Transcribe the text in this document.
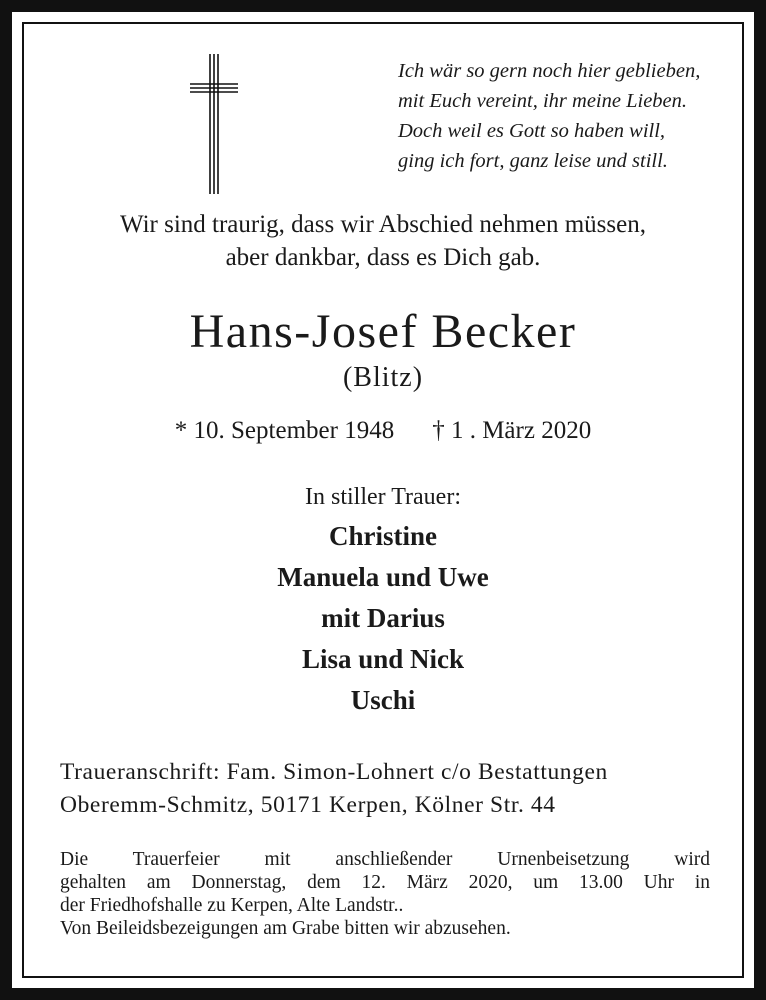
Ich wär so gern noch hier geblieben,
mit Euch vereint, ihr meine Lieben.
Doch weil es Gott so haben will,
ging ich fort, ganz leise und still.

Wir sind traurig, dass wir Abschied nehmen müssen,
aber dankbar, dass es Dich gab.
Hans-Josef Becker
(Blitz)
* 10. September 1948 † 1 . März 2020
In stiller Trauer:
Christine
Manuela und Uwe
mit Darius
Lisa und Nick
Uschi
Traueranschrift: Fam. Simon-Lohnert c/o Bestattungen
Oberemm-Schmitz, 50171 Kerpen, Kölner Str. 44
Die Trauerfeier mit anschließender Urnenbeisetzung wird
gehalten am Donnerstag, dem 12. März 2020, um 13.00 Uhr in
der Friedhofshalle zu Kerpen, Alte Landstr..
Von Beileidsbezeigungen am Grabe bitten wir abzusehen.
